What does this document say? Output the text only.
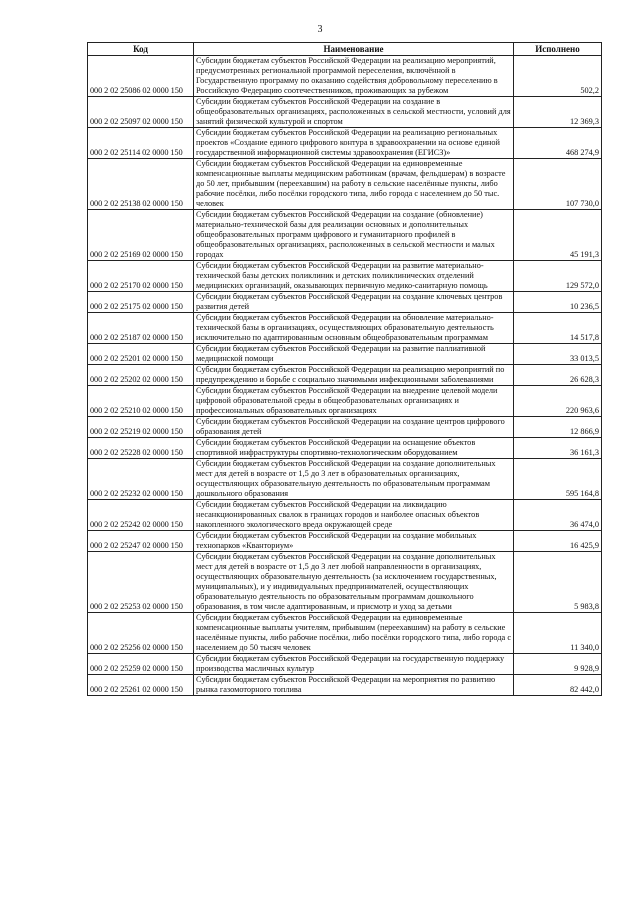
3
Код	Наименование	Исполнено
000 2 02 25086 02 0000 150	Субсидии бюджетам субъектов Российской Федерации на реализацию мероприятий, предусмотренных региональной программой переселения, включённой в Государственную программу по оказанию содействия добровольному переселению в Российскую Федерацию соотечественников, проживающих за рубежом	502,2
000 2 02 25097 02 0000 150	Субсидии бюджетам субъектов Российской Федерации на создание в общеобразовательных организациях, расположенных в сельской местности, условий для занятий физической культурой и спортом	12 369,3
000 2 02 25114 02 0000 150	Субсидии бюджетам субъектов Российской Федерации на реализацию региональных проектов «Создание единого цифрового контура в здравоохранении на основе единой государственной информационной системы здравоохранения (ЕГИСЗ)»	468 274,9
000 2 02 25138 02 0000 150	Субсидии бюджетам субъектов Российской Федерации на единовременные компенсационные выплаты медицинским работникам (врачам, фельдшерам) в возрасте до 50 лет, прибывшим (переехавшим) на работу в сельские населённые пункты, либо рабочие посёлки, либо посёлки городского типа, либо города с населением до 50 тыс. человек	107 730,0
000 2 02 25169 02 0000 150	Субсидии бюджетам субъектов Российской Федерации на создание (обновление) материально-технической базы для реализации основных и дополнительных общеобразовательных программ цифрового и гуманитарного профилей в общеобразовательных организациях, расположенных в сельской местности и малых городах	45 191,3
000 2 02 25170 02 0000 150	Субсидии бюджетам субъектов Российской Федерации на развитие материально-технической базы детских поликлиник и детских поликлинических отделений медицинских организаций, оказывающих первичную медико-санитарную помощь	129 572,0
000 2 02 25175 02 0000 150	Субсидии бюджетам субъектов Российской Федерации на создание ключевых центров развития детей	10 236,5
000 2 02 25187 02 0000 150	Субсидии бюджетам субъектов Российской Федерации на обновление материально-технической базы в организациях, осуществляющих образовательную деятельность исключительно по адаптированным основным общеобразовательным программам	14 517,8
000 2 02 25201 02 0000 150	Субсидии бюджетам субъектов Российской Федерации на развитие паллиативной медицинской помощи	33 013,5
000 2 02 25202 02 0000 150	Субсидии бюджетам субъектов Российской Федерации на реализацию мероприятий по предупреждению и борьбе с социально значимыми инфекционными заболеваниями	26 628,3
000 2 02 25210 02 0000 150	Субсидии бюджетам субъектов Российской Федерации на внедрение целевой модели цифровой образовательной среды в общеобразовательных организациях и профессиональных образовательных организациях	220 963,6
000 2 02 25219 02 0000 150	Субсидии бюджетам субъектов Российской Федерации на создание центров цифрового образования детей	12 866,9
000 2 02 25228 02 0000 150	Субсидии бюджетам субъектов Российской Федерации на оснащение объектов спортивной инфраструктуры спортивно-технологическим оборудованием	36 161,3
000 2 02 25232 02 0000 150	Субсидии бюджетам субъектов Российской Федерации на создание дополнительных мест для детей в возрасте от 1,5 до 3 лет в образовательных организациях, осуществляющих образовательную деятельность по образовательным программам дошкольного образования	595 164,8
000 2 02 25242 02 0000 150	Субсидии бюджетам субъектов Российской Федерации на ликвидацию несанкционированных свалок в границах городов и наиболее опасных объектов накопленного экологического вреда окружающей среде	36 474,0
000 2 02 25247 02 0000 150	Субсидии бюджетам субъектов Российской Федерации на создание мобильных технопарков «Кванториум»	16 425,9
000 2 02 25253 02 0000 150	Субсидии бюджетам субъектов Российской Федерации на создание дополнительных мест для детей в возрасте от 1,5 до 3 лет любой направленности в организациях, осуществляющих образовательную деятельность (за исключением государственных, муниципальных), и у индивидуальных предпринимателей, осуществляющих образовательную деятельность по образовательным программам дошкольного образования, в том числе адаптированным, и присмотр и уход за детьми	5 983,8
000 2 02 25256 02 0000 150	Субсидии бюджетам субъектов Российской Федерации на единовременные компенсационные выплаты учителям, прибывшим (переехавшим) на работу в сельские населённые пункты, либо рабочие посёлки, либо посёлки городского типа, либо города с населением до 50 тысяч человек	11 340,0
000 2 02 25259 02 0000 150	Субсидии бюджетам субъектов Российской Федерации на государственную поддержку производства масличных культур	9 928,9
000 2 02 25261 02 0000 150	Субсидии бюджетам субъектов Российской Федерации на мероприятия по развитию рынка газомоторного топлива	82 442,0
